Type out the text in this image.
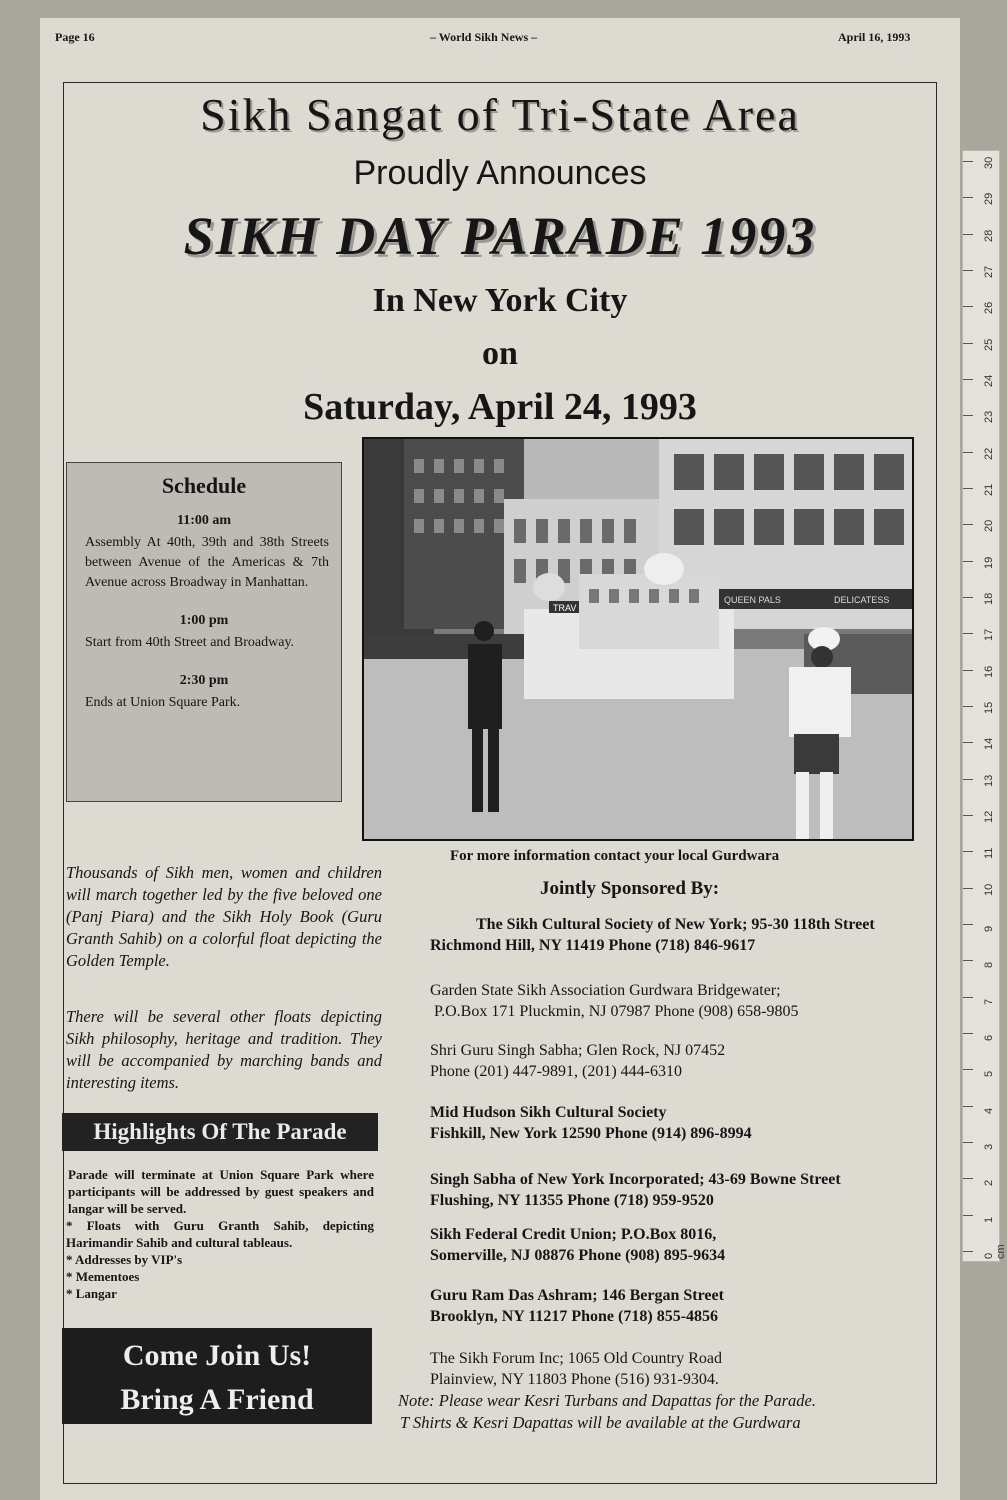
30
29
28
27
26
25
24
23
22
21
20
19
18
17
16
15
14
13
12
11
10
9
8
7
6
5
4
3
2
1
0 cm
Page 16	– World Sikh News –	April 16, 1993
Sikh Sangat of Tri-State Area
Proudly Announces
SIKH DAY PARADE 1993
In New York City
on
Saturday, April 24, 1993
Schedule
11:00 am
Assembly At 40th, 39th and 38th Streets between Avenue of the Americas & 7th Avenue across Broadway in Manhattan.
1:00 pm
Start from 40th Street and Broadway.
2:30 pm
Ends at Union Square Park.
QUEEN PALS	DELICATESS
TRAV
Thousands of Sikh men, women and children will march together led by the five beloved one (Panj Piara) and the Sikh Holy Book (Guru Granth Sahib) on a colorful float depicting the Golden Temple.
There will be several other floats depicting Sikh philosophy, heritage and tradition. They will be accompanied by marching bands and interesting items.
Highlights Of The Parade
Parade will terminate at Union Square Park where participants will be addressed by guest speakers and langar will be served.
* Floats with Guru Granth Sahib, depicting Harimandir Sahib and cultural tableaus.
* Addresses by VIP's
* Mementoes
* Langar
Come Join Us!
Bring A Friend
For more information contact your local Gurdwara
Jointly Sponsored By:
The Sikh Cultural Society of New York; 95-30 118th Street
Richmond Hill, NY 11419 Phone (718) 846-9617
Garden State Sikh Association Gurdwara Bridgewater;
P.O.Box 171 Pluckmin, NJ 07987 Phone (908) 658-9805
Shri Guru Singh Sabha; Glen Rock, NJ 07452
Phone (201) 447-9891, (201) 444-6310
Mid Hudson Sikh Cultural Society
Fishkill, New York 12590 Phone (914) 896-8994
Singh Sabha of New York Incorporated; 43-69 Bowne Street
Flushing, NY 11355 Phone (718) 959-9520
Sikh Federal Credit Union; P.O.Box 8016,
Somerville, NJ 08876 Phone (908) 895-9634
Guru Ram Das Ashram; 146 Bergan Street
Brooklyn, NY 11217 Phone (718) 855-4856
The Sikh Forum Inc; 1065 Old Country Road
Plainview, NY 11803 Phone (516) 931-9304.
Note: Please wear Kesri Turbans and Dapattas for the Parade.
T Shirts & Kesri Dapattas will be available at the Gurdwara
